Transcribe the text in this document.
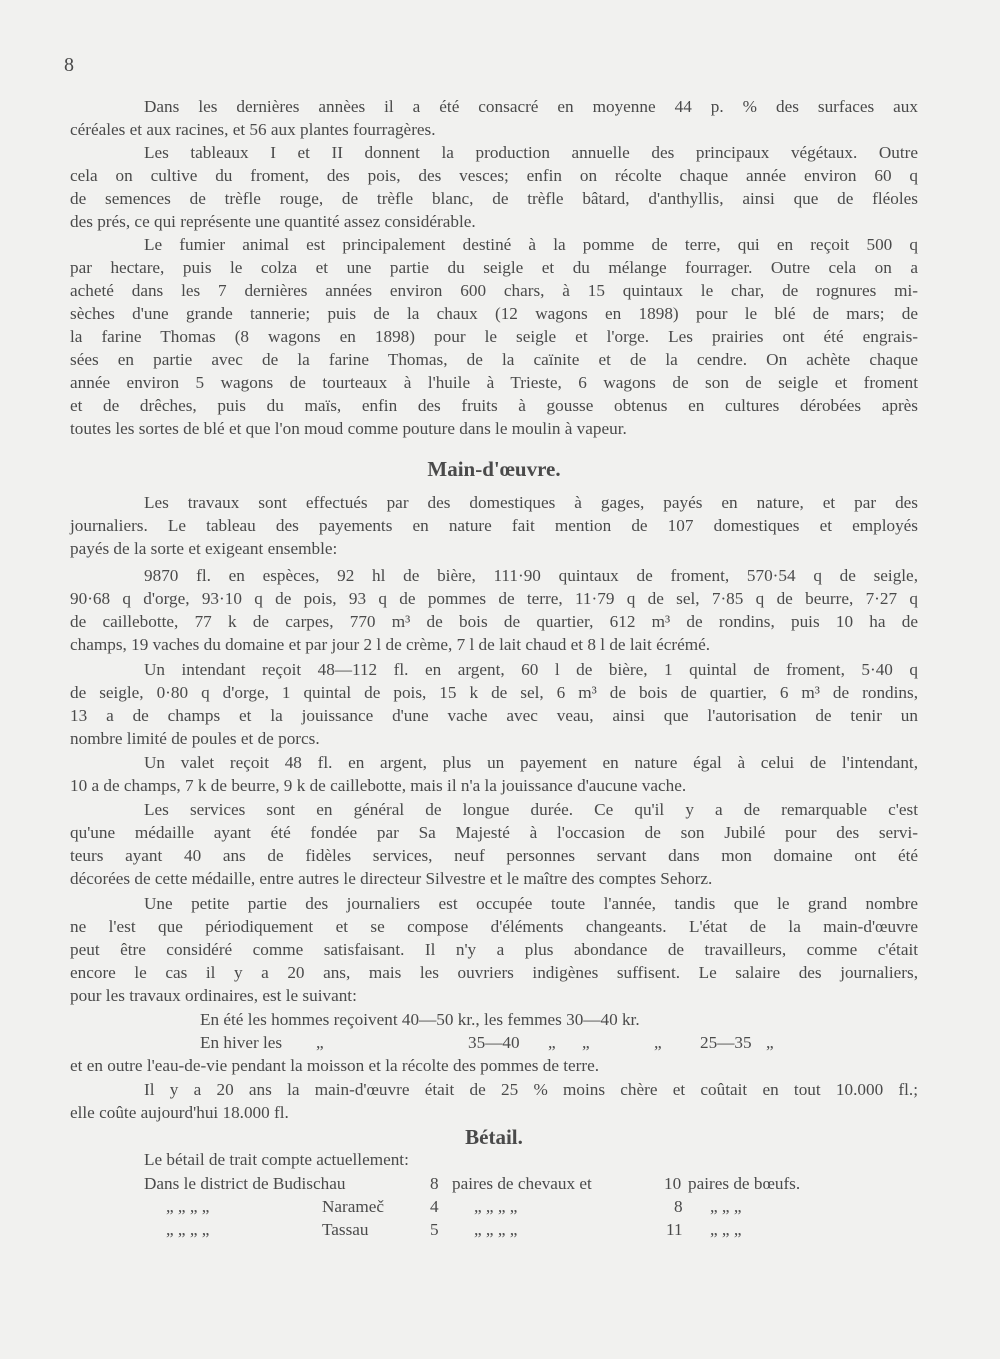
8
Dans les dernières annèes il a été consacré en moyenne 44 p. % des surfaces aux
céréales et aux racines, et 56 aux plantes fourragères.
Les tableaux I et II donnent la production annuelle des principaux végétaux. Outre
cela on cultive du froment, des pois, des vesces; enfin on récolte chaque année environ 60 q
de semences de trèfle rouge, de trèfle blanc, de trèfle bâtard, d'anthyllis, ainsi que de fléoles
des prés, ce qui représente une quantité assez considérable.
Le fumier animal est principalement destiné à la pomme de terre, qui en reçoit 500 q
par hectare, puis le colza et une partie du seigle et du mélange fourrager. Outre cela on a
acheté dans les 7 dernières années environ 600 chars, à 15 quintaux le char, de rognures mi-
sèches d'une grande tannerie; puis de la chaux (12 wagons en 1898) pour le blé de mars; de
la farine Thomas (8 wagons en 1898) pour le seigle et l'orge. Les prairies ont été engrais-
sées en partie avec de la farine Thomas, de la caïnite et de la cendre. On achète chaque
année environ 5 wagons de tourteaux à l'huile à Trieste, 6 wagons de son de seigle et froment
et de drêches, puis du maïs, enfin des fruits à gousse obtenus en cultures dérobées après
toutes les sortes de blé et que l'on moud comme pouture dans le moulin à vapeur.
Main-d'œuvre.
Les travaux sont effectués par des domestiques à gages, payés en nature, et par des
journaliers. Le tableau des payements en nature fait mention de 107 domestiques et employés
payés de la sorte et exigeant ensemble:
9870 fl. en espèces, 92 hl de bière, 111·90 quintaux de froment, 570·54 q de seigle,
90·68 q d'orge, 93·10 q de pois, 93 q de pommes de terre, 11·79 q de sel, 7·85 q de beurre, 7·27 q
de caillebotte, 77 k de carpes, 770 m³ de bois de quartier, 612 m³ de rondins, puis 10 ha de
champs, 19 vaches du domaine et par jour 2 l de crème, 7 l de lait chaud et 8 l de lait écrémé.
Un intendant reçoit 48—112 fl. en argent, 60 l de bière, 1 quintal de froment, 5·40 q
de seigle, 0·80 q d'orge, 1 quintal de pois, 15 k de sel, 6 m³ de bois de quartier, 6 m³ de rondins,
13 a de champs et la jouissance d'une vache avec veau, ainsi que l'autorisation de tenir un
nombre limité de poules et de porcs.
Un valet reçoit 48 fl. en argent, plus un payement en nature égal à celui de l'intendant,
10 a de champs, 7 k de beurre, 9 k de caillebotte, mais il n'a la jouissance d'aucune vache.
Les services sont en général de longue durée. Ce qu'il y a de remarquable c'est
qu'une médaille ayant été fondée par Sa Majesté à l'occasion de son Jubilé pour des servi-
teurs ayant 40 ans de fidèles services, neuf personnes servant dans mon domaine ont été
décorées de cette médaille, entre autres le directeur Silvestre et le maître des comptes Sehorz.
Une petite partie des journaliers est occupée toute l'année, tandis que le grand nombre
ne l'est que périodiquement et se compose d'éléments changeants. L'état de la main-d'œuvre
peut être considéré comme satisfaisant. Il n'y a plus abondance de travailleurs, comme c'était
encore le cas il y a 20 ans, mais les ouvriers indigènes suffisent. Le salaire des journaliers,
pour les travaux ordinaires, est le suivant:
En été les hommes reçoivent 40—50 kr., les femmes 30—40 kr.
En hiver les „	35—40 „ „	„ 25—35 „
et en outre l'eau-de-vie pendant la moisson et la récolte des pommes de terre.
Il y a 20 ans la main-d'œuvre était de 25 % moins chère et coûtait en tout 10.000 fl.;
elle coûte aujourd'hui 18.000 fl.
Bétail.
Le bétail de trait compte actuellement:
Dans le district de Budischau	8 paires de chevaux et	10 paires de bœufs.
„ „ „ „	Narameč	4 „ „ „ „	8 „ „ „
„ „ „ „	Tassau	5 „ „ „ „	11 „ „ „
